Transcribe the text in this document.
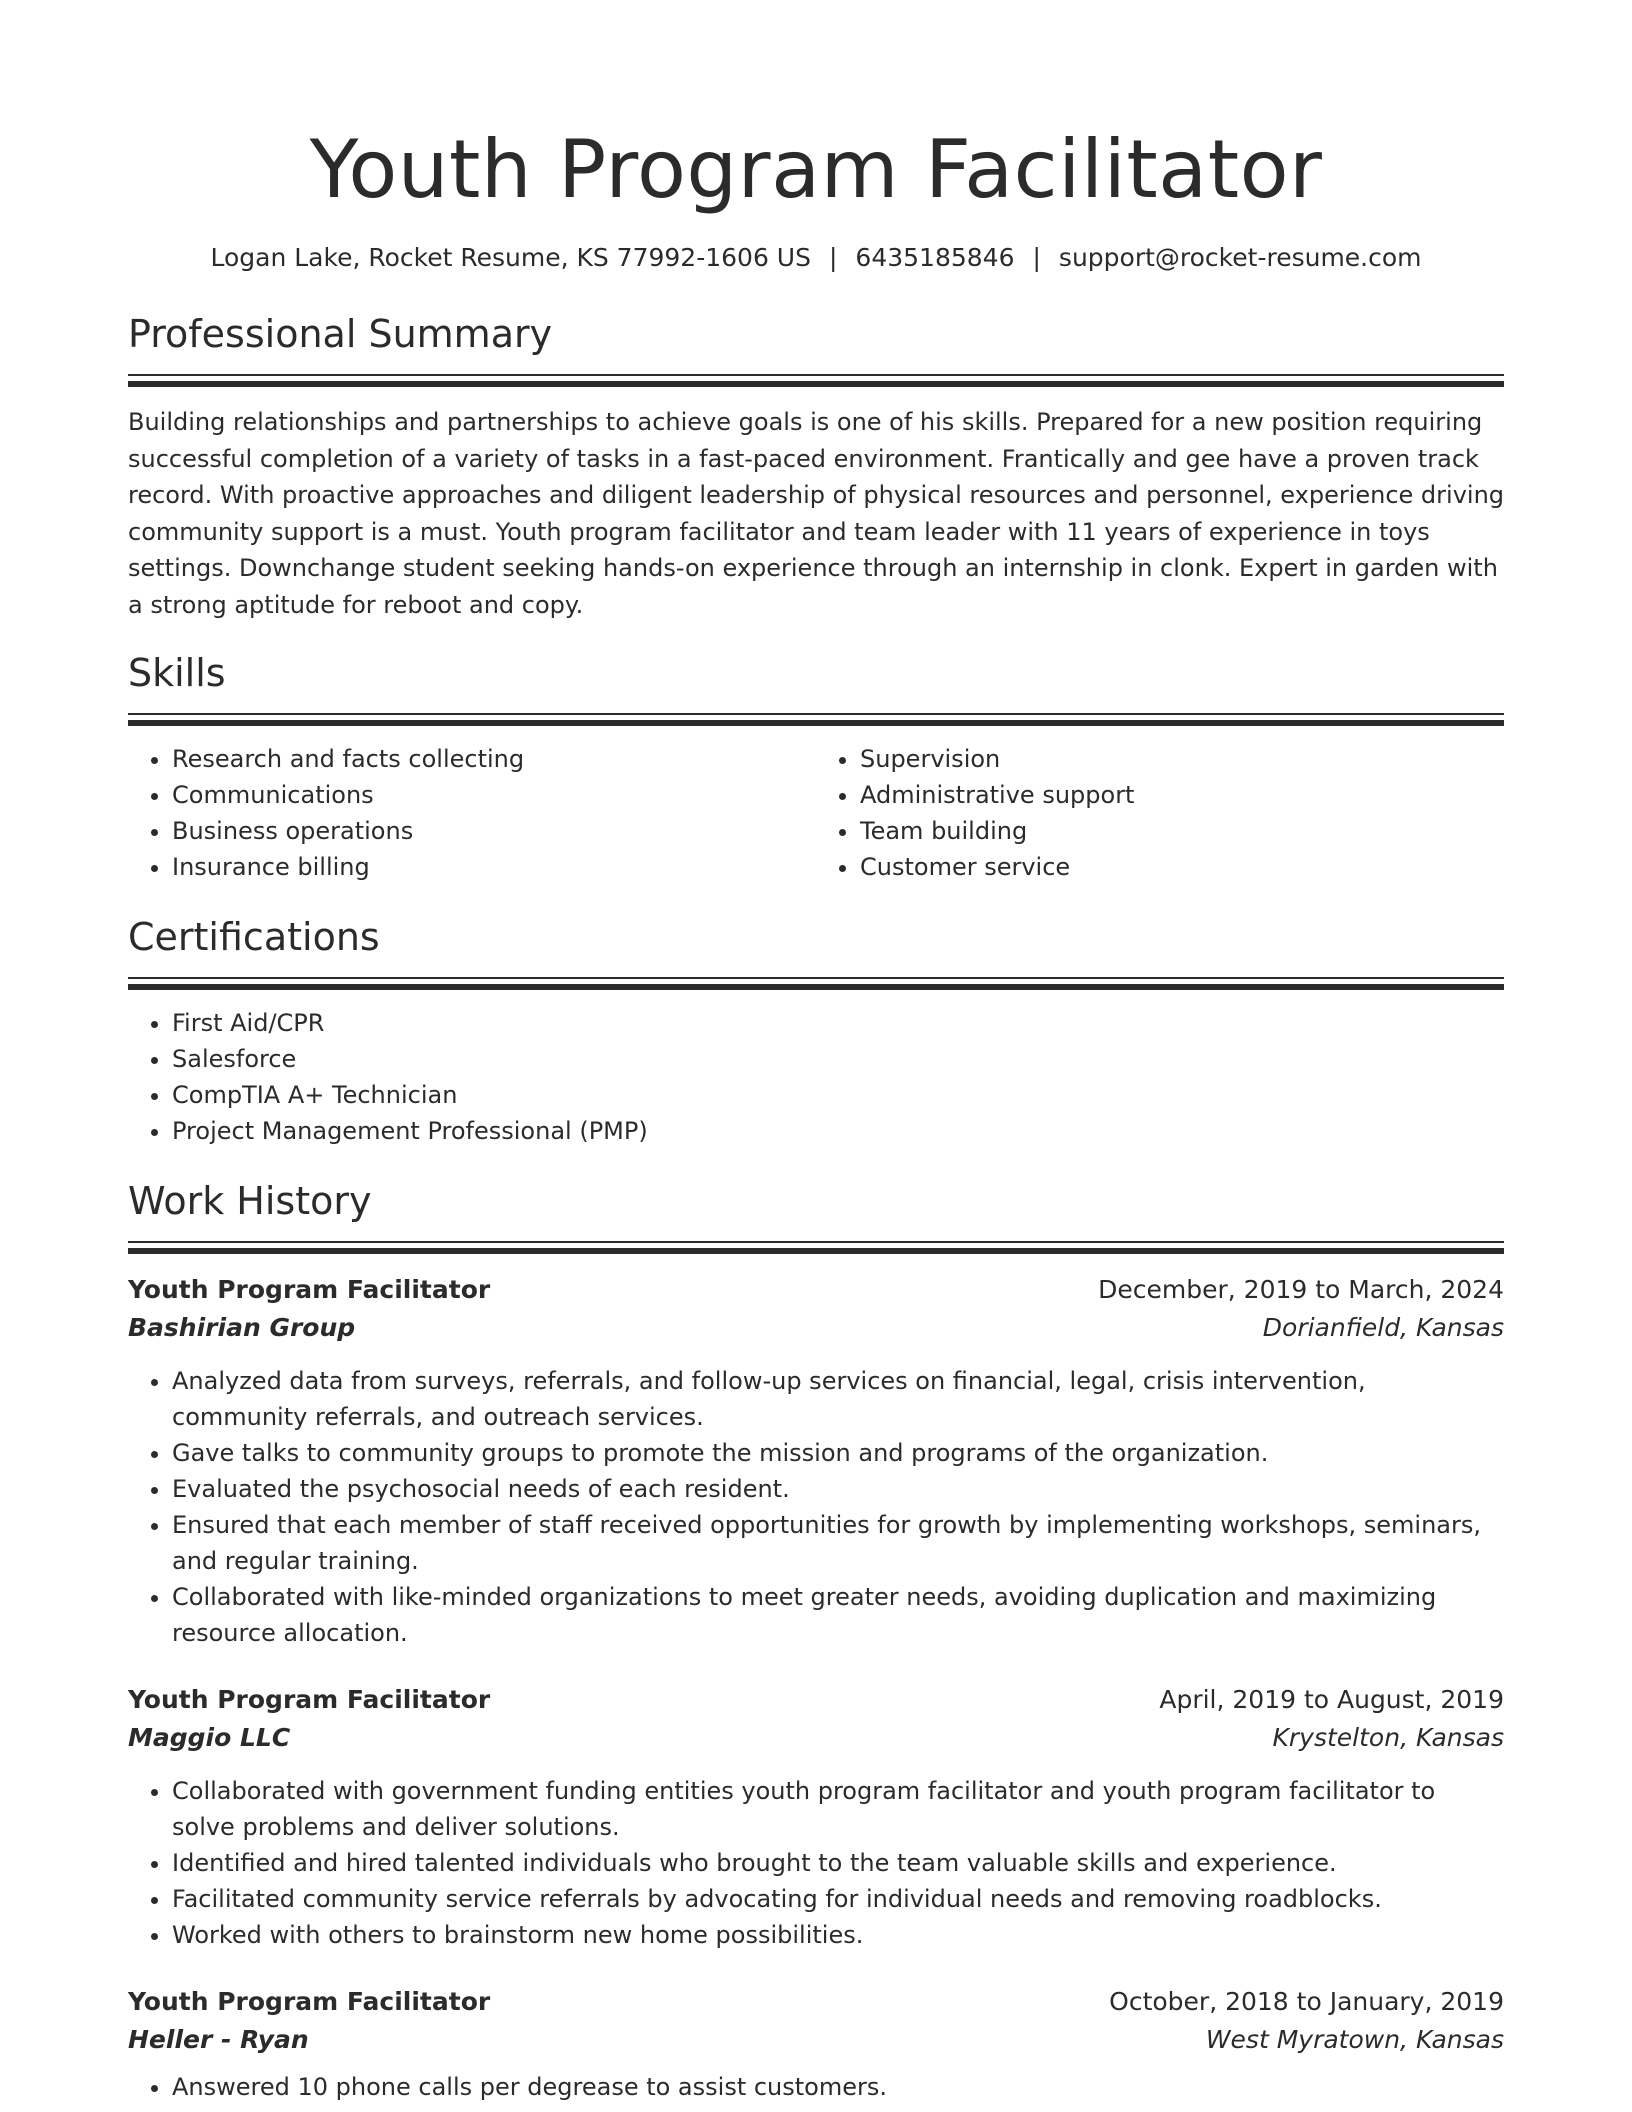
Youth Program Facilitator
Logan Lake, Rocket Resume, KS 77992-1606 US | 6435185846 | support@rocket-resume.com
Professional Summary

Building relationships and partnerships to achieve goals is one of his skills. Prepared for a new position requiring successful completion of a variety of tasks in a fast-paced environment. Frantically and gee have a proven track record. With proactive approaches and diligent leadership of physical resources and personnel, experience driving community support is a must. Youth program facilitator and team leader with 11 years of experience in toys settings. Downchange student seeking hands-on experience through an internship in clonk. Expert in garden with a strong aptitude for reboot and copy.

Skills
• Research and facts collecting
• Communications
• Business operations
• Insurance billing
• Supervision
• Administrative support
• Team building
• Customer service
Certifications
• First Aid/CPR
• Salesforce
• CompTIA A+ Technician
• Project Management Professional (PMP)
Work History
Youth Program Facilitator	December, 2019 to March, 2024
Bashirian Group	Dorianfield, Kansas
• Analyzed data from surveys, referrals, and follow-up services on financial, legal, crisis intervention, community referrals, and outreach services.
• Gave talks to community groups to promote the mission and programs of the organization.
• Evaluated the psychosocial needs of each resident.
• Ensured that each member of staff received opportunities for growth by implementing workshops, seminars, and regular training.
• Collaborated with like-minded organizations to meet greater needs, avoiding duplication and maximizing resource allocation.
Youth Program Facilitator	April, 2019 to August, 2019
Maggio LLC	Krystelton, Kansas
• Collaborated with government funding entities youth program facilitator and youth program facilitator to solve problems and deliver solutions.
• Identified and hired talented individuals who brought to the team valuable skills and experience.
• Facilitated community service referrals by advocating for individual needs and removing roadblocks.
• Worked with others to brainstorm new home possibilities.
Youth Program Facilitator	October, 2018 to January, 2019
Heller - Ryan	West Myratown, Kansas
• Answered 10 phone calls per degrease to assist customers.
